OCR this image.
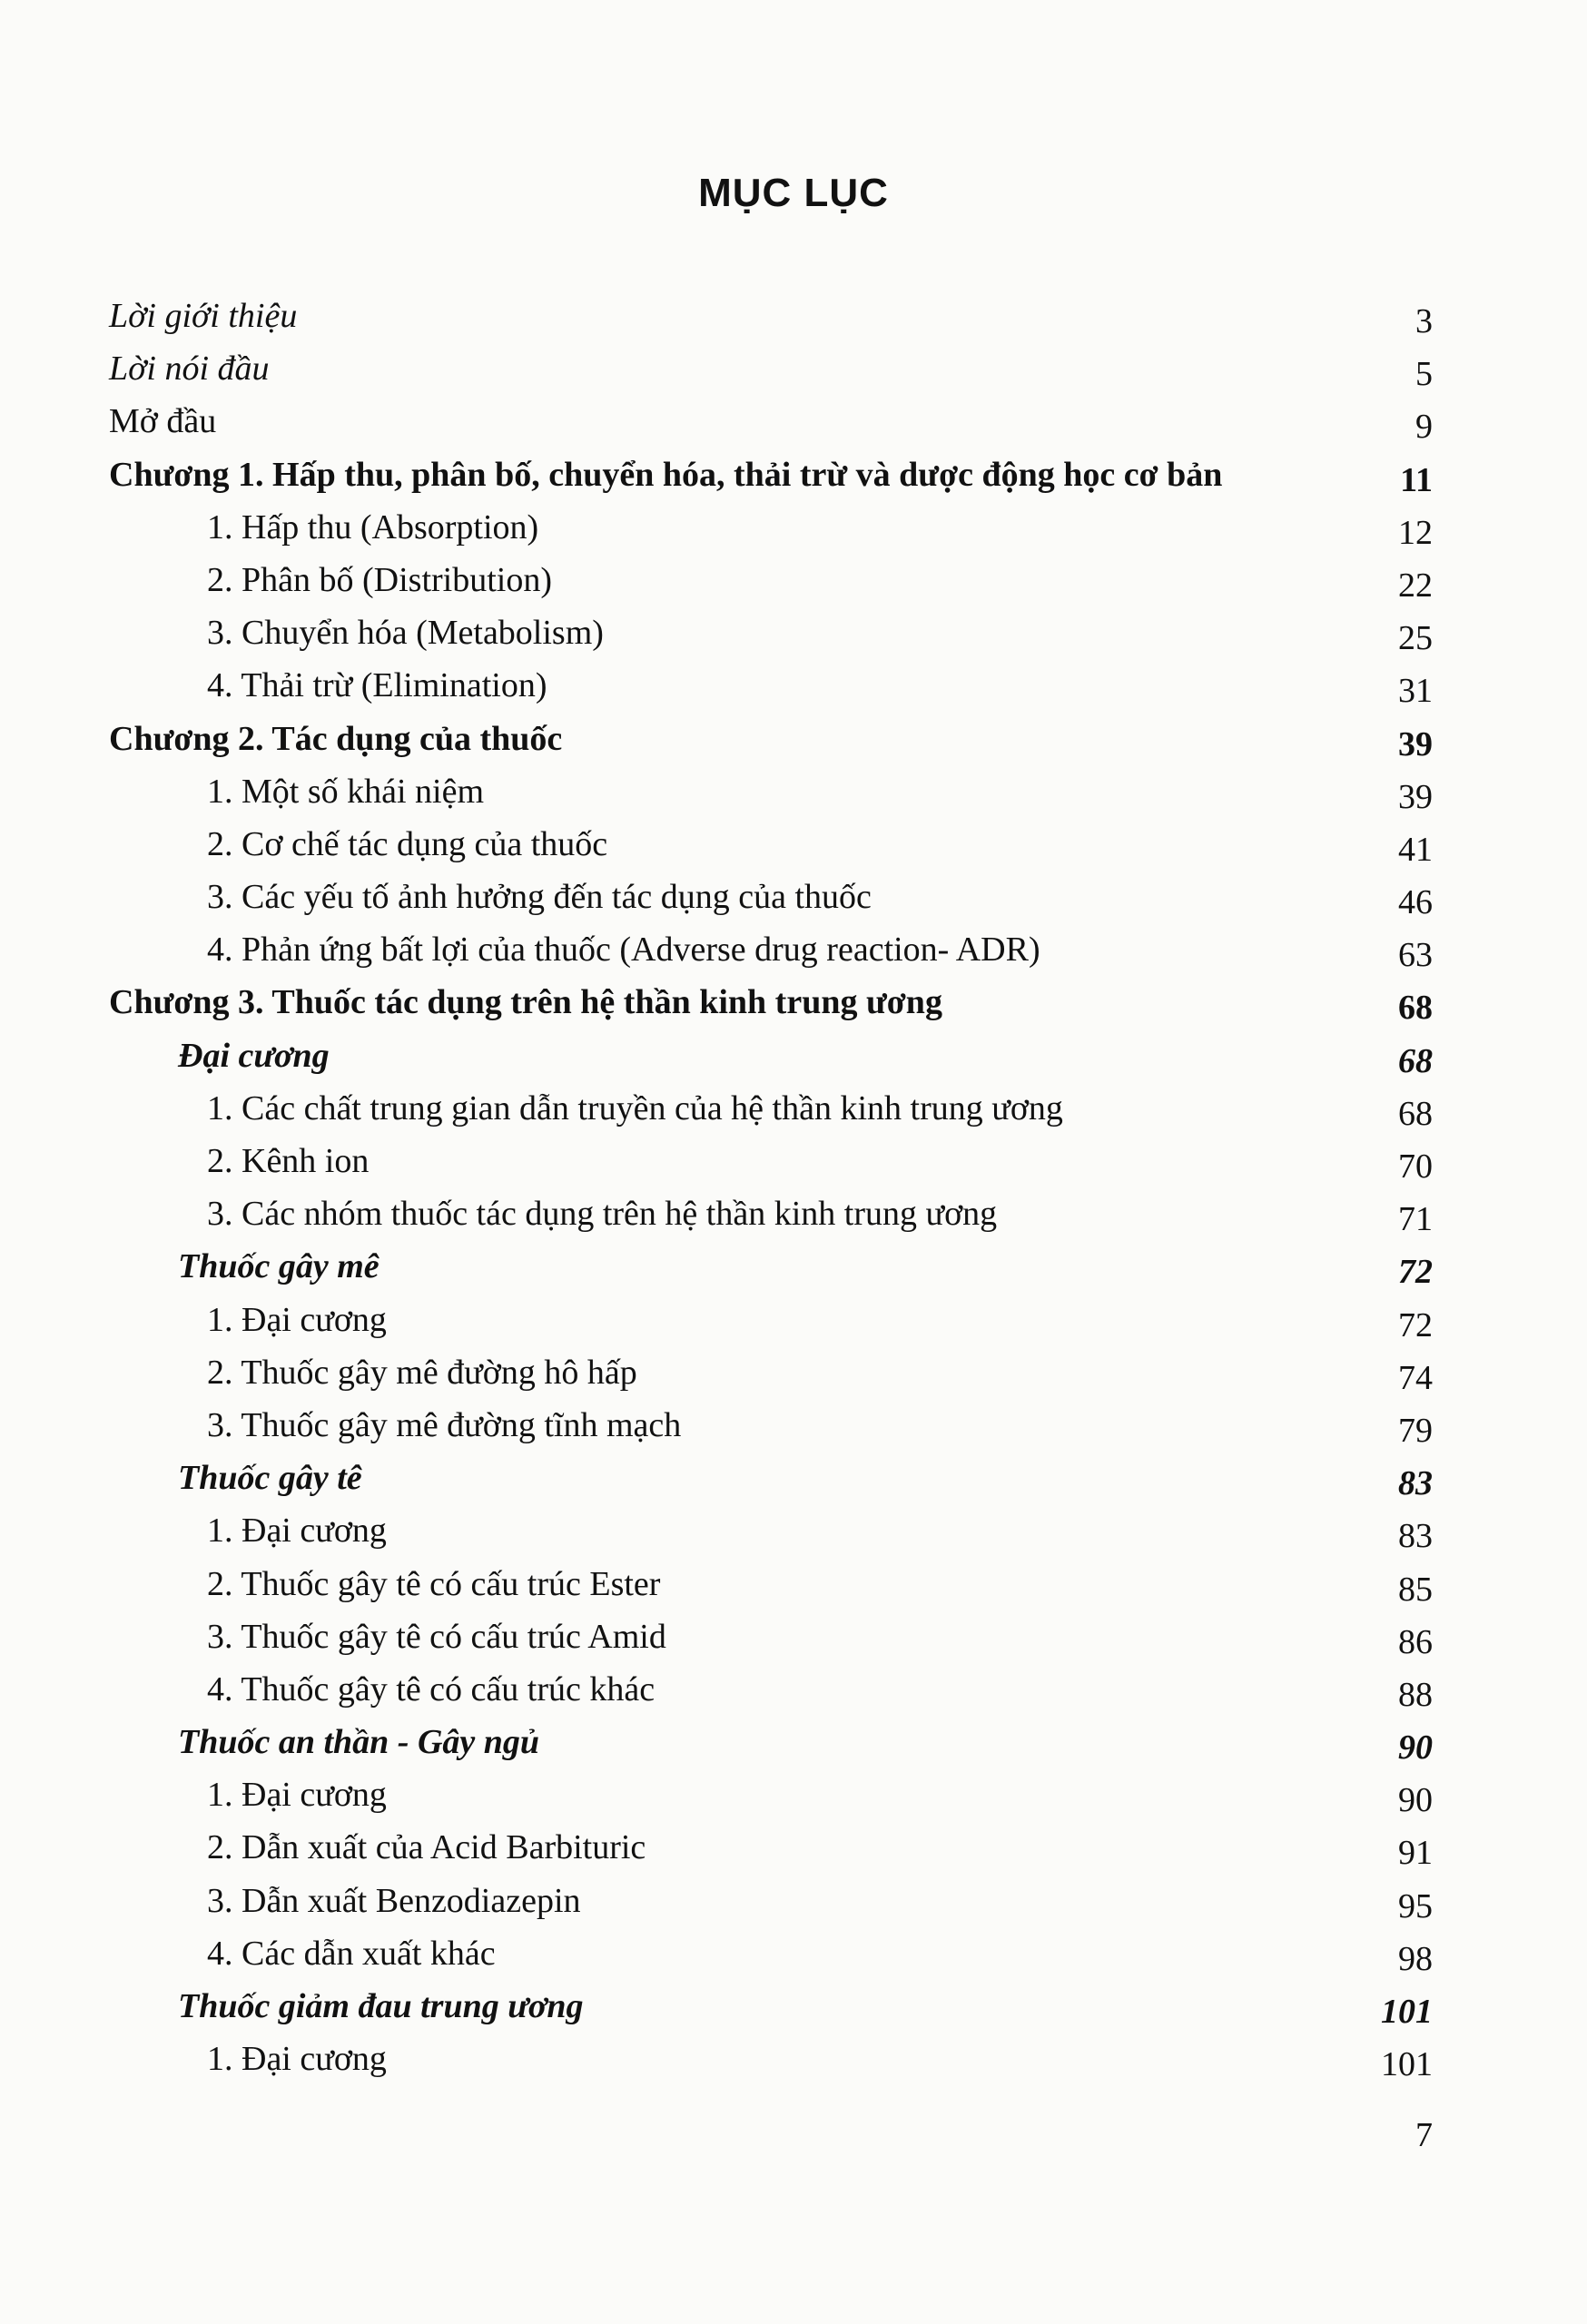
MỤC LỤC
Lời giới thiệu	3
Lời nói đầu	5
Mở đầu	9
Chương 1. Hấp thu, phân bố, chuyển hóa, thải trừ và dược động học cơ bản	11
1. Hấp thu (Absorption)	12
2. Phân bố (Distribution)	22
3. Chuyển hóa (Metabolism)	25
4. Thải trừ (Elimination)	31
Chương 2. Tác dụng của thuốc	39
1. Một số khái niệm	39
2. Cơ chế tác dụng của thuốc	41
3. Các yếu tố ảnh hưởng đến tác dụng của thuốc	46
4. Phản ứng bất lợi của thuốc (Adverse drug reaction- ADR)	63
Chương 3. Thuốc tác dụng trên hệ thần kinh trung ương	68
Đại cương	68
1. Các chất trung gian dẫn truyền của hệ thần kinh trung ương	68
2. Kênh ion	70
3. Các nhóm thuốc tác dụng trên hệ thần kinh trung ương	71
Thuốc gây mê	72
1. Đại cương	72
2. Thuốc gây mê đường hô hấp	74
3. Thuốc gây mê đường tĩnh mạch	79
Thuốc gây tê	83
1. Đại cương	83
2. Thuốc gây tê có cấu trúc Ester	85
3. Thuốc gây tê có cấu trúc Amid	86
4. Thuốc gây tê có cấu trúc khác	88
Thuốc an thần - Gây ngủ	90
1. Đại cương	90
2. Dẫn xuất của Acid Barbituric	91
3. Dẫn xuất Benzodiazepin	95
4. Các dẫn xuất khác	98
Thuốc giảm đau trung ương	101
1. Đại cương	101
7
